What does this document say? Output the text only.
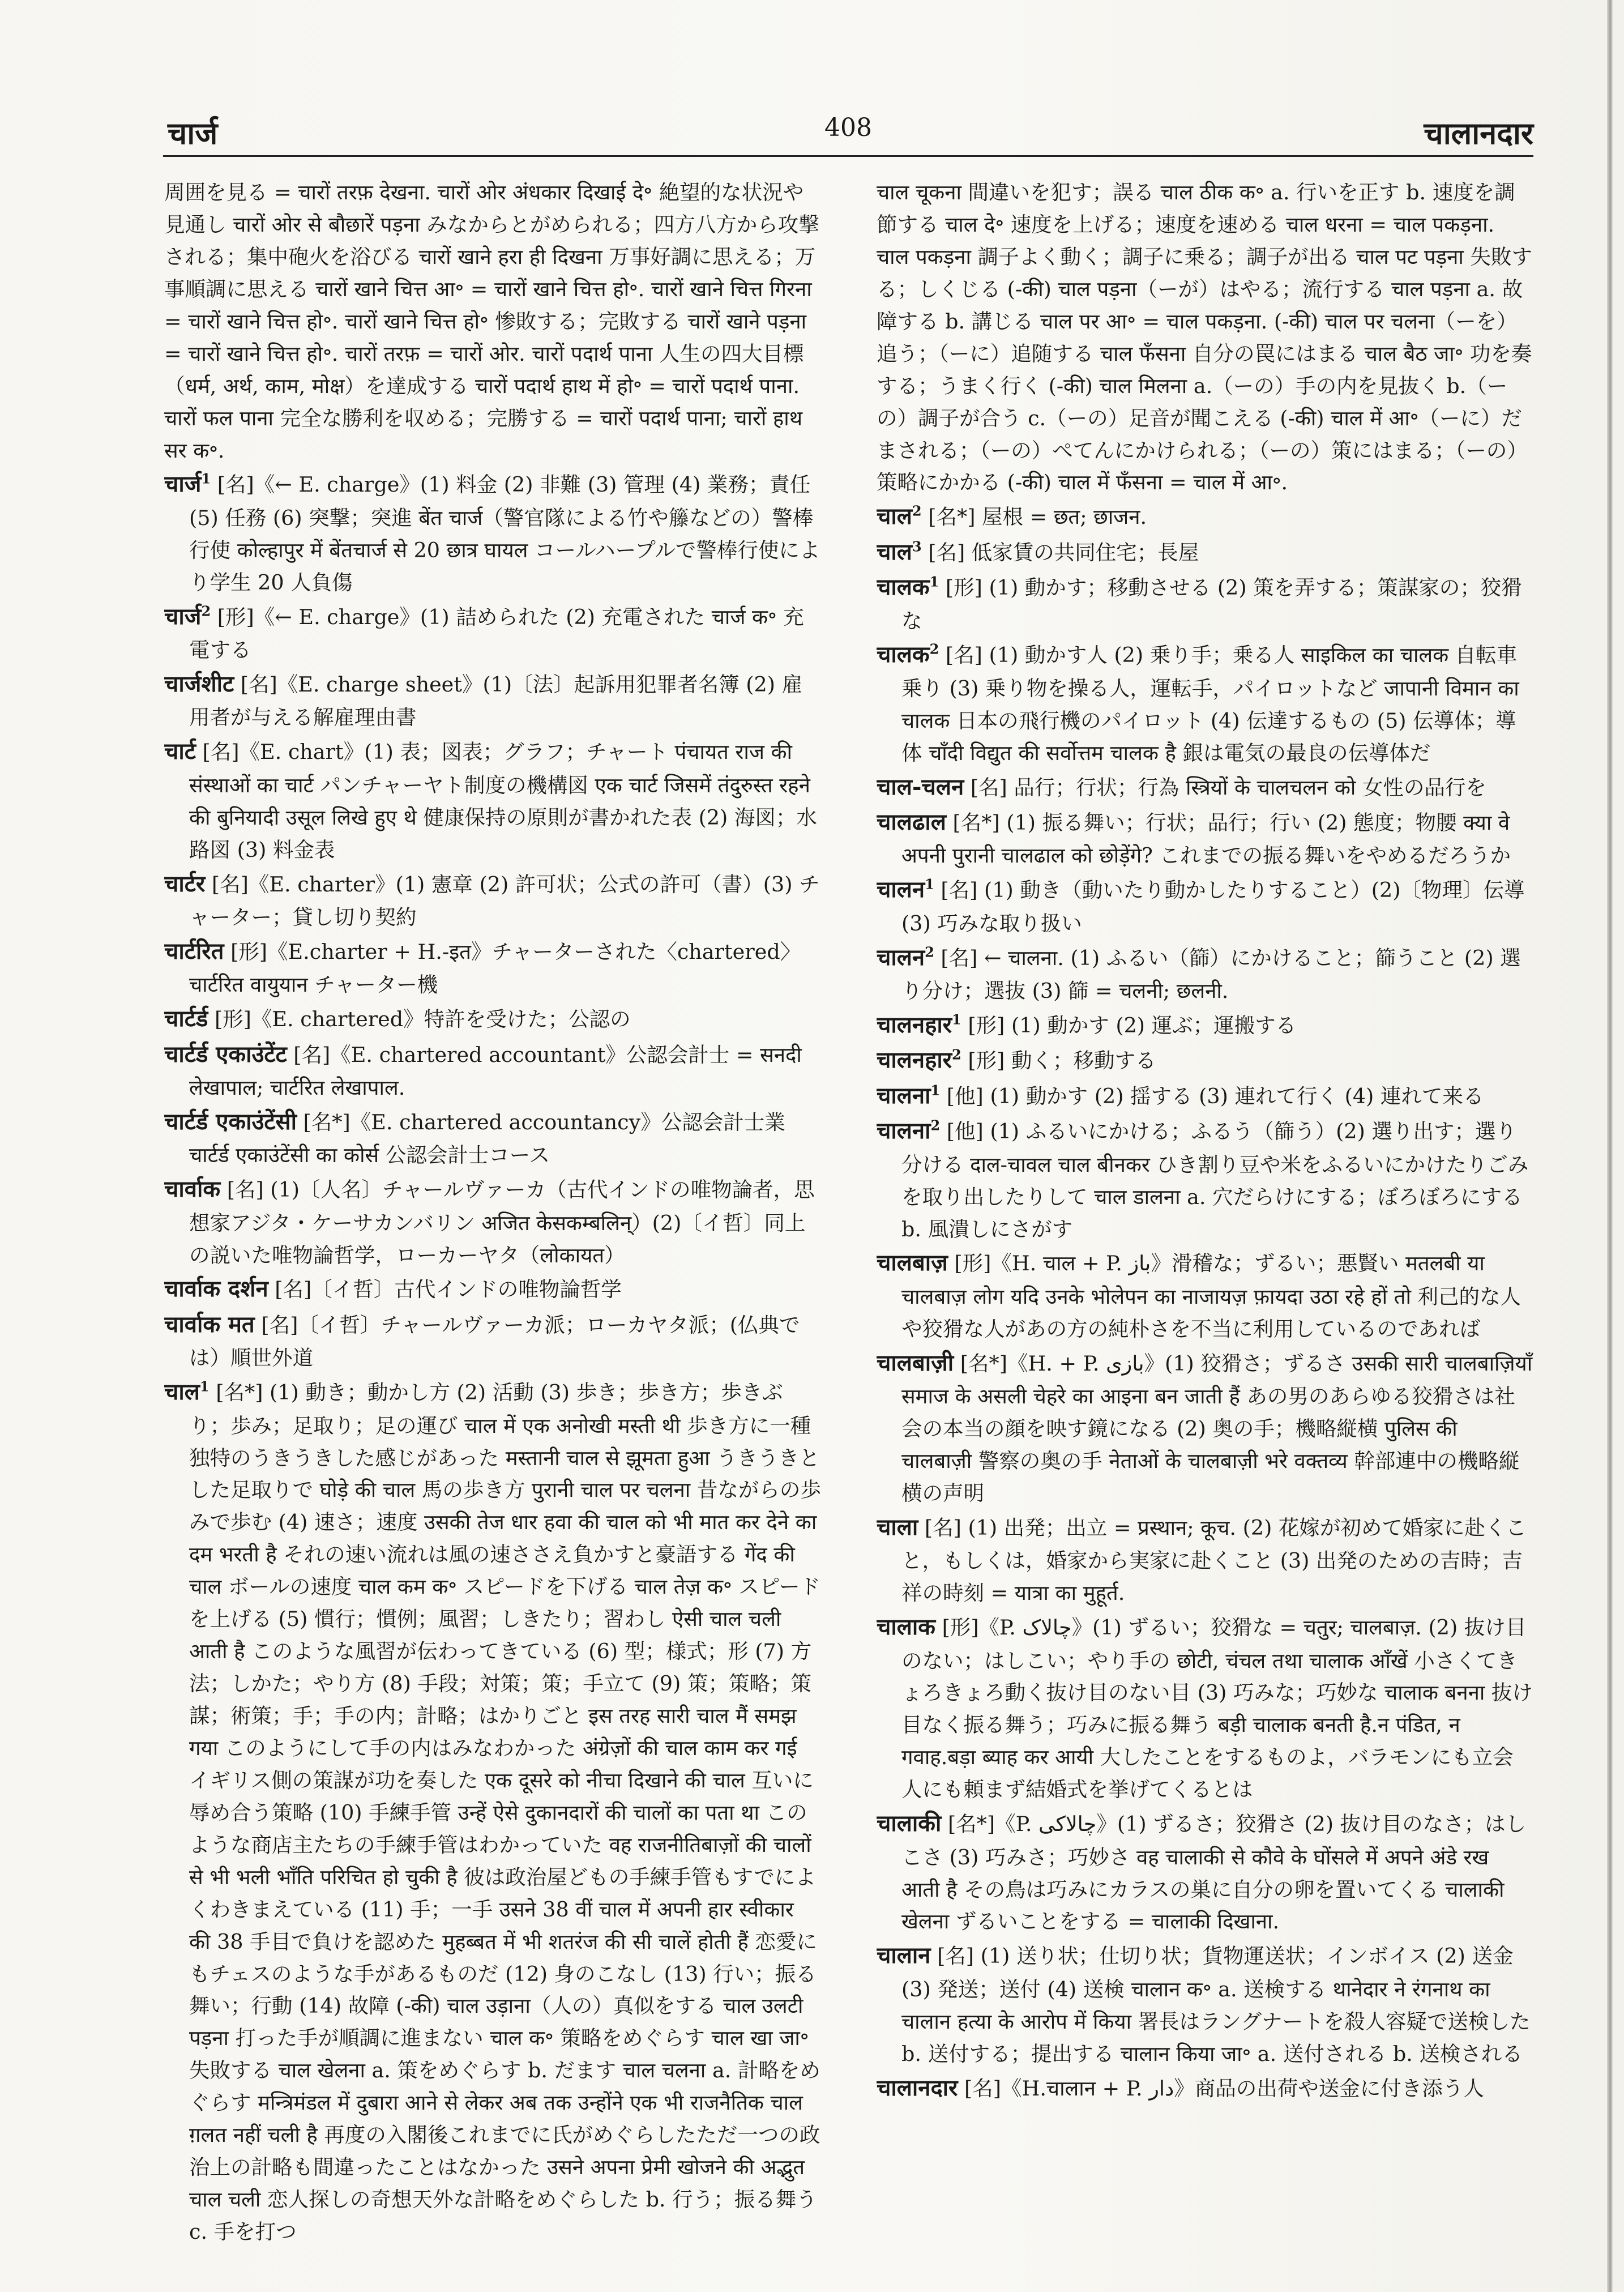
चार्ज	408	चालानदार

周囲を見る = चारों तरफ़ देखना. चारों ओर अंधकार दिखाई दे॰ 絶望的な状況や見通し चारों ओर से बौछारें पड़ना みなからとがめられる；四方八方から攻撃される；集中砲火を浴びる चारों खाने हरा ही दिखना 万事好調に思える；万事順調に思える चारों खाने चित्त आ॰ = चारों खाने चित्त हो॰. चारों खाने चित्त गिरना = चारों खाने चित्त हो॰. चारों खाने चित्त हो॰ 惨敗する；完敗する चारों खाने पड़ना = चारों खाने चित्त हो॰. चारों तरफ़ = चारों ओर. चारों पदार्थ पाना 人生の四大目標（धर्म, अर्थ, काम, मोक्ष）を達成する चारों पदार्थ हाथ में हो॰ = चारों पदार्थ पाना. चारों फल पाना 完全な勝利を収める；完勝する = चारों पदार्थ पाना; चारों हाथ सर क॰.

चार्ज$^1$ [名]《← E. charge》(1) 料金 (2) 非難 (3) 管理 (4) 業務；責任 (5) 任務 (6) 突撃；突進 बेंत चार्ज（警官隊による竹や籐などの）警棒行使 कोल्हापुर में बेंतचार्ज से 20 छात्र घायल コールハープルで警棒行使により学生 20 人負傷

चार्ज$^2$ [形]《← E. charge》(1) 詰められた (2) 充電された चार्ज क॰ 充電する

चार्जशीट [名]《E. charge sheet》(1)〔法〕起訴用犯罪者名簿 (2) 雇用者が与える解雇理由書

चार्ट [名]《E. chart》(1) 表；図表；グラフ；チャート पंचायत राज की संस्थाओं का चार्ट パンチャーヤト制度の機構図 एक चार्ट जिसमें तंदुरुस्त रहने की बुनियादी उसूल लिखे हुए थे 健康保持の原則が書かれた表 (2) 海図；水路図 (3) 料金表

चार्टर [名]《E. charter》(1) 憲章 (2) 許可状；公式の許可（書）(3) チャーター；貸し切り契約

चार्टरित [形]《E.charter + H.-इत》チャーターされた〈chartered〉चार्टरित वायुयान チャーター機

चार्टर्ड [形]《E. chartered》特許を受けた；公認の

चार्टर्ड एकाउंटेंट [名]《E. chartered accountant》公認会計士 = सनदी लेखापाल; चार्टरित लेखापाल.

चार्टर्ड एकाउंटेंसी [名*]《E. chartered accountancy》公認会計士業 चार्टर्ड एकाउंटेंसी का कोर्स 公認会計士コース

चार्वाक [名] (1)〔人名〕チャールヴァーカ（古代インドの唯物論者，思想家アジタ・ケーサカンバリン अजित केसकम्बलिन्）(2)〔イ哲〕同上の説いた唯物論哲学，ローカーヤタ（लोकायत）

चार्वाक दर्शन [名]〔イ哲〕古代インドの唯物論哲学

चार्वाक मत [名]〔イ哲〕チャールヴァーカ派；ローカヤタ派；(仏典では）順世外道

चाल$^1$ [名*] (1) 動き；動かし方 (2) 活動 (3) 歩き；歩き方；歩きぶり；歩み；足取り；足の運び चाल में एक अनोखी मस्ती थी 歩き方に一種独特のうきうきした感じがあった मस्तानी चाल से झूमता हुआ うきうきとした足取りで घोड़े की चाल 馬の歩き方 पुरानी चाल पर चलना 昔ながらの歩みで歩む (4) 速さ；速度 उसकी तेज धार हवा की चाल को भी मात कर देने का दम भरती है それの速い流れは風の速ささえ負かすと豪語する गेंद की चाल ボールの速度 चाल कम क॰ スピードを下げる चाल तेज़ क॰ スピードを上げる (5) 慣行；慣例；風習；しきたり；習わし ऐसी चाल चली आती है このような風習が伝わってきている (6) 型；様式；形 (7) 方法；しかた；やり方 (8) 手段；対策；策；手立て (9) 策；策略；策謀；術策；手；手の内；計略；はかりごと इस तरह सारी चाल मैं समझ गया このようにして手の内はみなわかった अंग्रेज़ों की चाल काम कर गई イギリス側の策謀が功を奏した एक दूसरे को नीचा दिखाने की चाल 互いに辱め合う策略 (10) 手練手管 उन्हें ऐसे दुकानदारों की चालों का पता था このような商店主たちの手練手管はわかっていた वह राजनीतिबाज़ों की चालों से भी भली भाँति परिचित हो चुकी है 彼は政治屋どもの手練手管もすでによくわきまえている (11) 手；一手 उसने 38 वीं चाल में अपनी हार स्वीकार की 38 手目で負けを認めた मुहब्बत में भी शतरंज की सी चालें होती हैं 恋愛にもチェスのような手があるものだ (12) 身のこなし (13) 行い；振る舞い；行動 (14) 故障 (-की) चाल उड़ाना（人の）真似をする चाल उलटी पड़ना 打った手が順調に進まない चाल क॰ 策略をめぐらす चाल खा जा॰ 失敗する चाल खेलना a. 策をめぐらす b. だます चाल चलना a. 計略をめぐらす मन्त्रिमंडल में दुबारा आने से लेकर अब तक उन्होंने एक भी राजनैतिक चाल ग़लत नहीं चली है 再度の入閣後これまでに氏がめぐらしたただ一つの政治上の計略も間違ったことはなかった उसने अपना प्रेमी खोजने की अद्भुत चाल चली 恋人探しの奇想天外な計略をめぐらした b. 行う；振る舞う c. 手を打つ

चाल चूकना 間違いを犯す；誤る चाल ठीक क॰ a. 行いを正す b. 速度を調節する चाल दे॰ 速度を上げる；速度を速める चाल धरना = चाल पकड़ना. चाल पकड़ना 調子よく動く；調子に乗る；調子が出る चाल पट पड़ना 失敗する；しくじる (-की) चाल पड़ना（ーが）はやる；流行する चाल पड़ना a. 故障する b. 講じる चाल पर आ॰ = चाल पकड़ना. (-की) चाल पर चलना（ーを）追う；（ーに）追随する चाल फँसना 自分の罠にはまる चाल बैठ जा॰ 功を奏する；うまく行く (-की) चाल मिलना a.（ーの）手の内を見抜く b.（ーの）調子が合う c.（ーの）足音が聞こえる (-की) चाल में आ॰（ーに）だまされる；（ーの）ぺてんにかけられる；（ーの）策にはまる；（ーの）策略にかかる (-की) चाल में फँसना = चाल में आ॰.

चाल$^2$ [名*] 屋根 = छत; छाजन.

चाल$^3$ [名] 低家賃の共同住宅；長屋

चालक$^1$ [形] (1) 動かす；移動させる (2) 策を弄する；策謀家の；狡猾な

चालक$^2$ [名] (1) 動かす人 (2) 乗り手；乗る人 साइकिल का चालक 自転車乗り (3) 乗り物を操る人，運転手，パイロットなど जापानी विमान का चालक 日本の飛行機のパイロット (4) 伝達するもの (5) 伝導体；導体 चाँदी विद्युत की सर्वोत्तम चालक है 銀は電気の最良の伝導体だ

चाल-चलन [名] 品行；行状；行為 स्त्रियों के चालचलन को 女性の品行を

चालढाल [名*] (1) 振る舞い；行状；品行；行い (2) 態度；物腰 क्या वे अपनी पुरानी चालढाल को छोड़ेंगे? これまでの振る舞いをやめるだろうか

चालन$^1$ [名] (1) 動き（動いたり動かしたりすること）(2)〔物理〕伝導 (3) 巧みな取り扱い

चालन$^2$ [名] ← चालना. (1) ふるい（篩）にかけること；篩うこと (2) 選り分け；選抜 (3) 篩 = चलनी; छलनी.

चालनहार$^1$ [形] (1) 動かす (2) 運ぶ；運搬する

चालनहार$^2$ [形] 動く；移動する

चालना$^1$ [他] (1) 動かす (2) 揺する (3) 連れて行く (4) 連れて来る

चालना$^2$ [他] (1) ふるいにかける；ふるう（篩う）(2) 選り出す；選り分ける दाल-चावल चाल बीनकर ひき割り豆や米をふるいにかけたりごみを取り出したりして चाल डालना a. 穴だらけにする；ぼろぼろにする b. 風潰しにさがす

चालबाज़ [形]《H. चाल + P. باز》滑稽な；ずるい；悪賢い मतलबी या चालबाज़ लोग यदि उनके भोलेपन का नाजायज़ फ़ायदा उठा रहे हों तो 利己的な人や狡猾な人があの方の純朴さを不当に利用しているのであれば

चालबाज़ी [名*]《H. + P. بازی》(1) 狡猾さ；ずるさ उसकी सारी चालबाज़ियाँ समाज के असली चेहरे का आइना बन जाती हैं あの男のあらゆる狡猾さは社会の本当の顔を映す鏡になる (2) 奥の手；機略縦横 पुलिस की चालबाज़ी 警察の奥の手 नेताओं के चालबाज़ी भरे वक्तव्य 幹部連中の機略縦横の声明

चाला [名] (1) 出発；出立 = प्रस्थान; कूच. (2) 花嫁が初めて婚家に赴くこと，もしくは，婚家から実家に赴くこと (3) 出発のための吉時；吉祥の時刻 = यात्रा का मुहूर्त.

चालाक [形]《P. چالاک》(1) ずるい；狡猾な = चतुर; चालबाज़. (2) 抜け目のない；はしこい；やり手の छोटी, चंचल तथा चालाक आँखें 小さくてきょろきょろ動く抜け目のない目 (3) 巧みな；巧妙な चालाक बनना 抜け目なく振る舞う；巧みに振る舞う बड़ी चालाक बनती है.न पंडित, न गवाह.बड़ा ब्याह कर आयी 大したことをするものよ，バラモンにも立会人にも頼まず結婚式を挙げてくるとは

चालाकी [名*]《P. چالاکی》(1) ずるさ；狡猾さ (2) 抜け目のなさ；はしこさ (3) 巧みさ；巧妙さ वह चालाकी से कौवे के घोंसले में अपने अंडे रख आती है その鳥は巧みにカラスの巣に自分の卵を置いてくる चालाकी खेलना ずるいことをする = चालाकी दिखाना.

चालान [名] (1) 送り状；仕切り状；貨物運送状；インボイス (2) 送金 (3) 発送；送付 (4) 送検 चालान क॰ a. 送検する थानेदार ने रंगनाथ का चालान हत्या के आरोप में किया 署長はラングナートを殺人容疑で送検した b. 送付する；提出する चालान किया जा॰ a. 送付される b. 送検される

चालानदार [名]《H.चालान + P. دار》商品の出荷や送金に付き添う人
